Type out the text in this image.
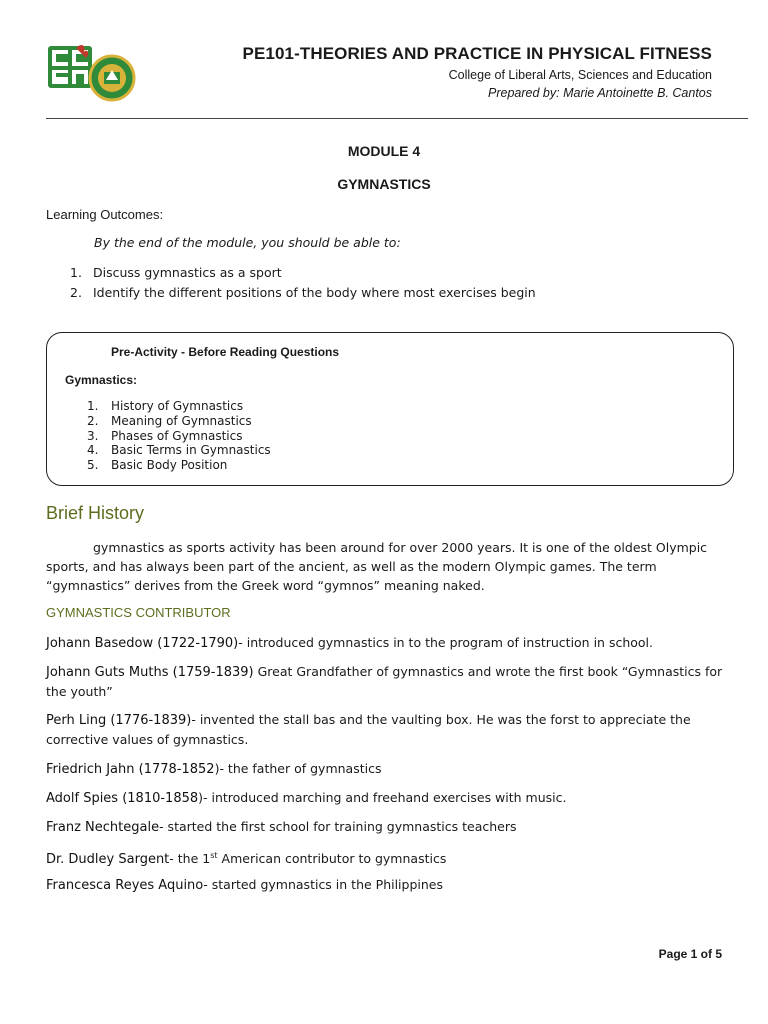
PE101-THEORIES AND PRACTICE IN PHYSICAL FITNESS
College of Liberal Arts, Sciences and Education
Prepared by: Marie Antoinette B. Cantos
MODULE 4
GYMNASTICS
Learning Outcomes:
By the end of the module, you should be able to:
1. Discuss gymnastics as a sport
2. Identify the different positions of the body where most exercises begin
Pre-Activity - Before Reading Questions
Gymnastics:
1. History of Gymnastics
2. Meaning of Gymnastics
3. Phases of Gymnastics
4. Basic Terms in Gymnastics
5. Basic Body Position
Brief History
gymnastics as sports activity has been around for over 2000 years. It is one of the oldest Olympic sports, and has always been part of the ancient, as well as the modern Olympic games. The term “gymnastics” derives from the Greek word “gymnos” meaning naked.
GYMNASTICS CONTRIBUTOR
Johann Basedow (1722-1790)- introduced gymnastics in to the program of instruction in school.
Johann Guts Muths (1759-1839) Great Grandfather of gymnastics and wrote the first book “Gymnastics for the youth”
Perh Ling (1776-1839)- invented the stall bas and the vaulting box. He was the forst to appreciate the corrective values of gymnastics.
Friedrich Jahn (1778-1852)- the father of gymnastics
Adolf Spies (1810-1858)- introduced marching and freehand exercises with music.
Franz Nechtegale- started the first school for training gymnastics teachers
Dr. Dudley Sargent- the 1st American contributor to gymnastics
Francesca Reyes Aquino- started gymnastics in the Philippines
Page 1 of 5
